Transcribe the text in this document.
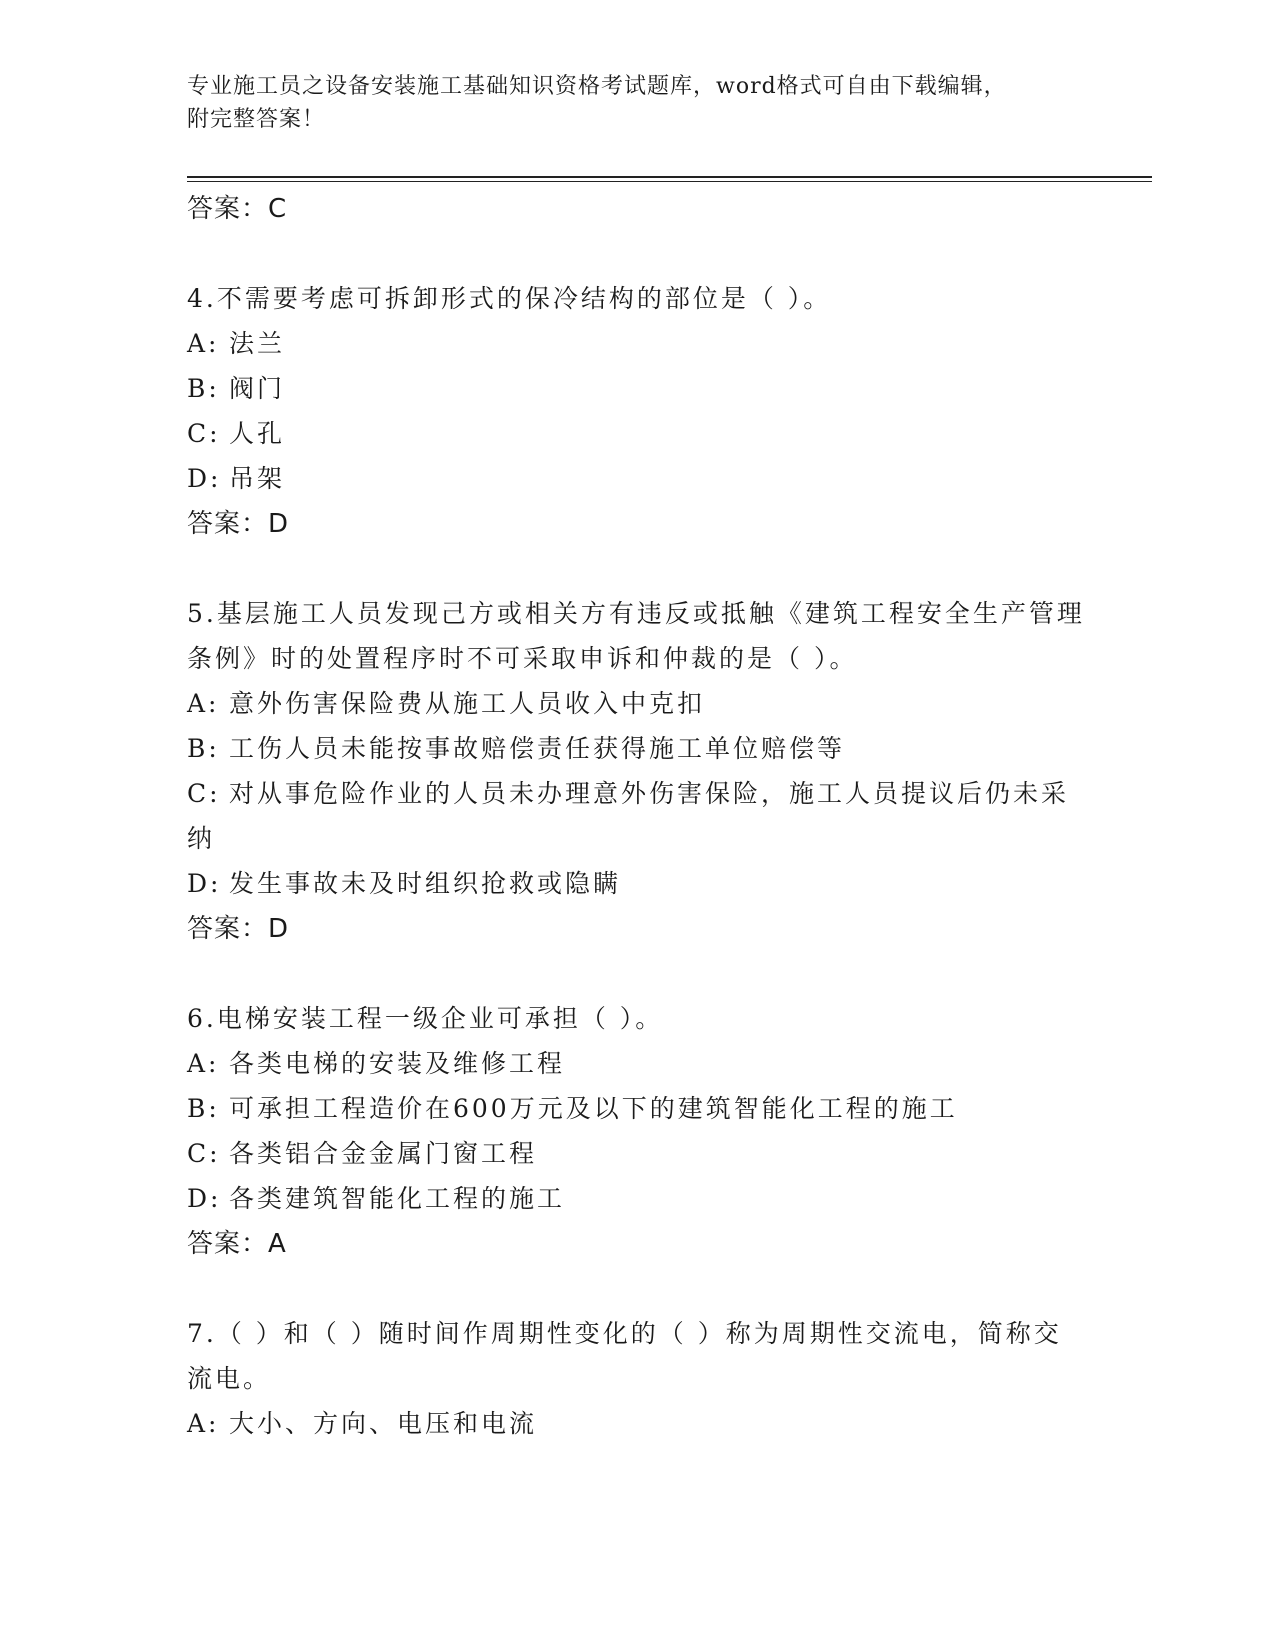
专业施工员之设备安装施工基础知识资格考试题库，word格式可自由下载编辑，
附完整答案！
答案：C
4.不需要考虑可拆卸形式的保冷结构的部位是（ ）。
A: 法兰
B: 阀门
C: 人孔
D: 吊架
答案：D
5.基层施工人员发现己方或相关方有违反或抵触《建筑工程安全生产管理条例》时的处置程序时不可采取申诉和仲裁的是（ ）。
A: 意外伤害保险费从施工人员收入中克扣
B: 工伤人员未能按事故赔偿责任获得施工单位赔偿等
C: 对从事危险作业的人员未办理意外伤害保险，施工人员提议后仍未采纳
D: 发生事故未及时组织抢救或隐瞒
答案：D
6.电梯安装工程一级企业可承担（ ）。
A: 各类电梯的安装及维修工程
B: 可承担工程造价在600万元及以下的建筑智能化工程的施工
C: 各类铝合金金属门窗工程
D: 各类建筑智能化工程的施工
答案：A
7.（ ）和（ ）随时间作周期性变化的（ ）称为周期性交流电，简称交流电。
A: 大小、方向、电压和电流
